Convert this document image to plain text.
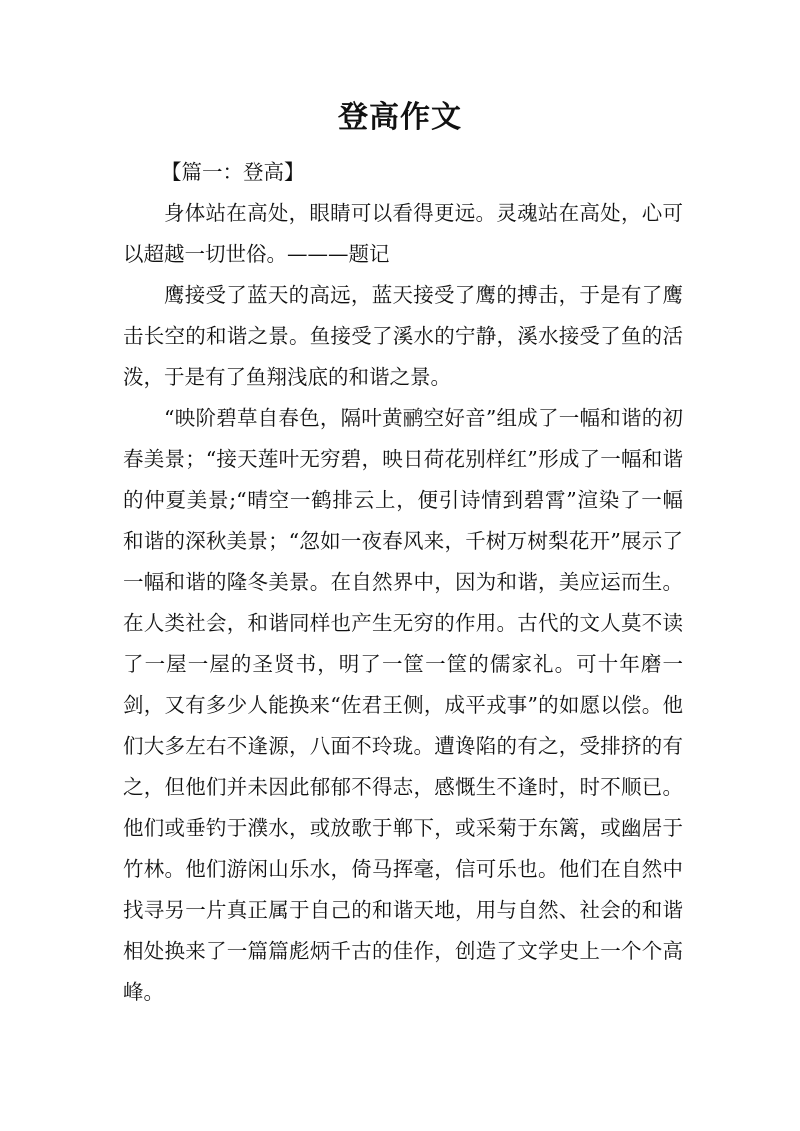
登高作文

【篇一：登高】

身体站在高处，眼睛可以看得更远。灵魂站在高处，心可以超越一切世俗。———题记

鹰接受了蓝天的高远，蓝天接受了鹰的搏击，于是有了鹰击长空的和谐之景。鱼接受了溪水的宁静，溪水接受了鱼的活泼，于是有了鱼翔浅底的和谐之景。

“映阶碧草自春色，隔叶黄鹂空好音”组成了一幅和谐的初春美景；“接天莲叶无穷碧，映日荷花别样红”形成了一幅和谐的仲夏美景;“晴空一鹤排云上，便引诗情到碧霄”渲染了一幅和谐的深秋美景；“忽如一夜春风来，千树万树梨花开”展示了一幅和谐的隆冬美景。在自然界中，因为和谐，美应运而生。在人类社会，和谐同样也产生无穷的作用。古代的文人莫不读了一屋一屋的圣贤书，明了一筐一筐的儒家礼。可十年磨一剑，又有多少人能换来“佐君王侧，成平戎事”的如愿以偿。他们大多左右不逢源，八面不玲珑。遭谗陷的有之，受排挤的有之，但他们并未因此郁郁不得志，感慨生不逢时，时不顺已。他们或垂钓于濮水，或放歌于郸下，或采菊于东篱，或幽居于竹林。他们游闲山乐水，倚马挥毫，信可乐也。他们在自然中找寻另一片真正属于自己的和谐天地，用与自然、社会的和谐相处换来了一篇篇彪炳千古的佳作，创造了文学史上一个个高峰。
